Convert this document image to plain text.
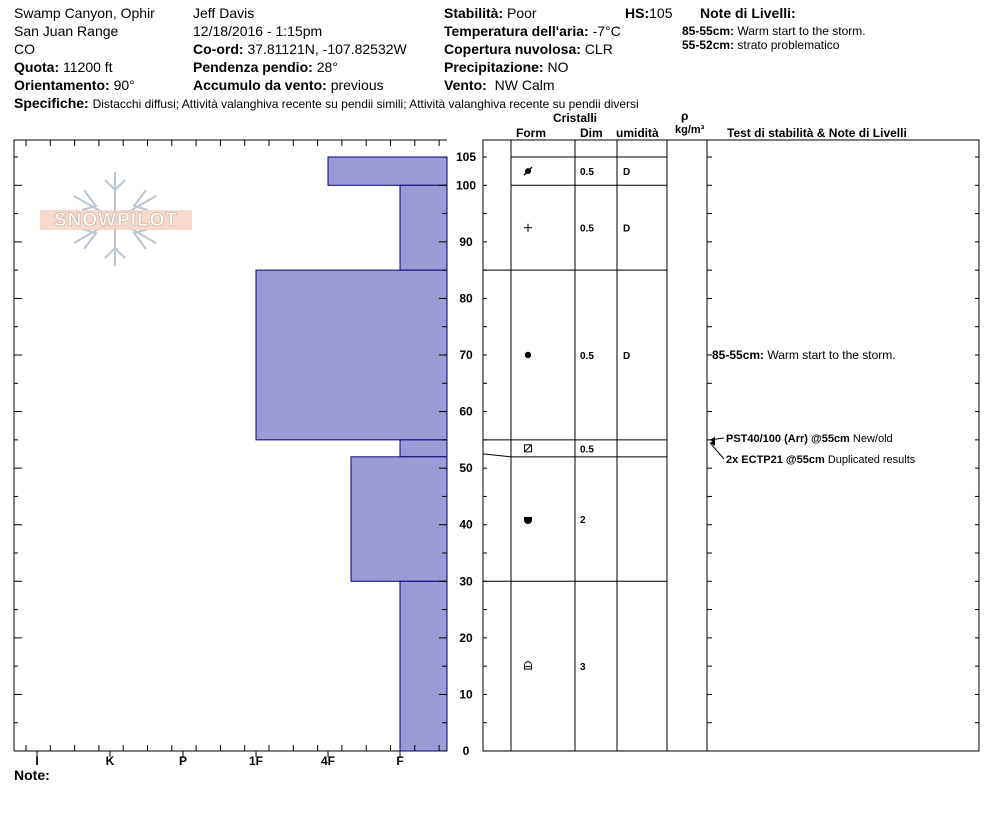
Swamp Canyon, Ophir
San Juan Range
CO
Quota: 11200 ft
Orientamento: 90°
Jeff Davis
12/18/2016 - 1:15pm
Co-ord: 37.81121N, -107.82532W
Pendenza pendio: 28°
Accumulo da vento: previous
Stabilità: Poor	HS:105
Temperatura dell'aria: -7°C
Copertura nuvolosa: CLR
Precipitazione: NO
Vento: NW Calm
Note di Livelli:
85-55cm: Warm start to the storm.
55-52cm: strato problematico
Specifiche: Distacchi diffusi; Attività valanghiva recente su pendii simili; Attività valanghiva recente su pendii diversi
Cristalli
Form	Dim umidità
ρ
kg/m³ Test di stabilità & Note di Livelli
SNOWPILOT
I	K	P	1F	4F	F
0
10
20
30
40
50
60
70
80
90
100
105
0.5	D
0.5	D
0.5	D
0.5
2
3
85-55cm: Warm start to the storm.
PST40/100 (Arr) @55cm New/old
2x ECTP21 @55cm Duplicated results
Note:
